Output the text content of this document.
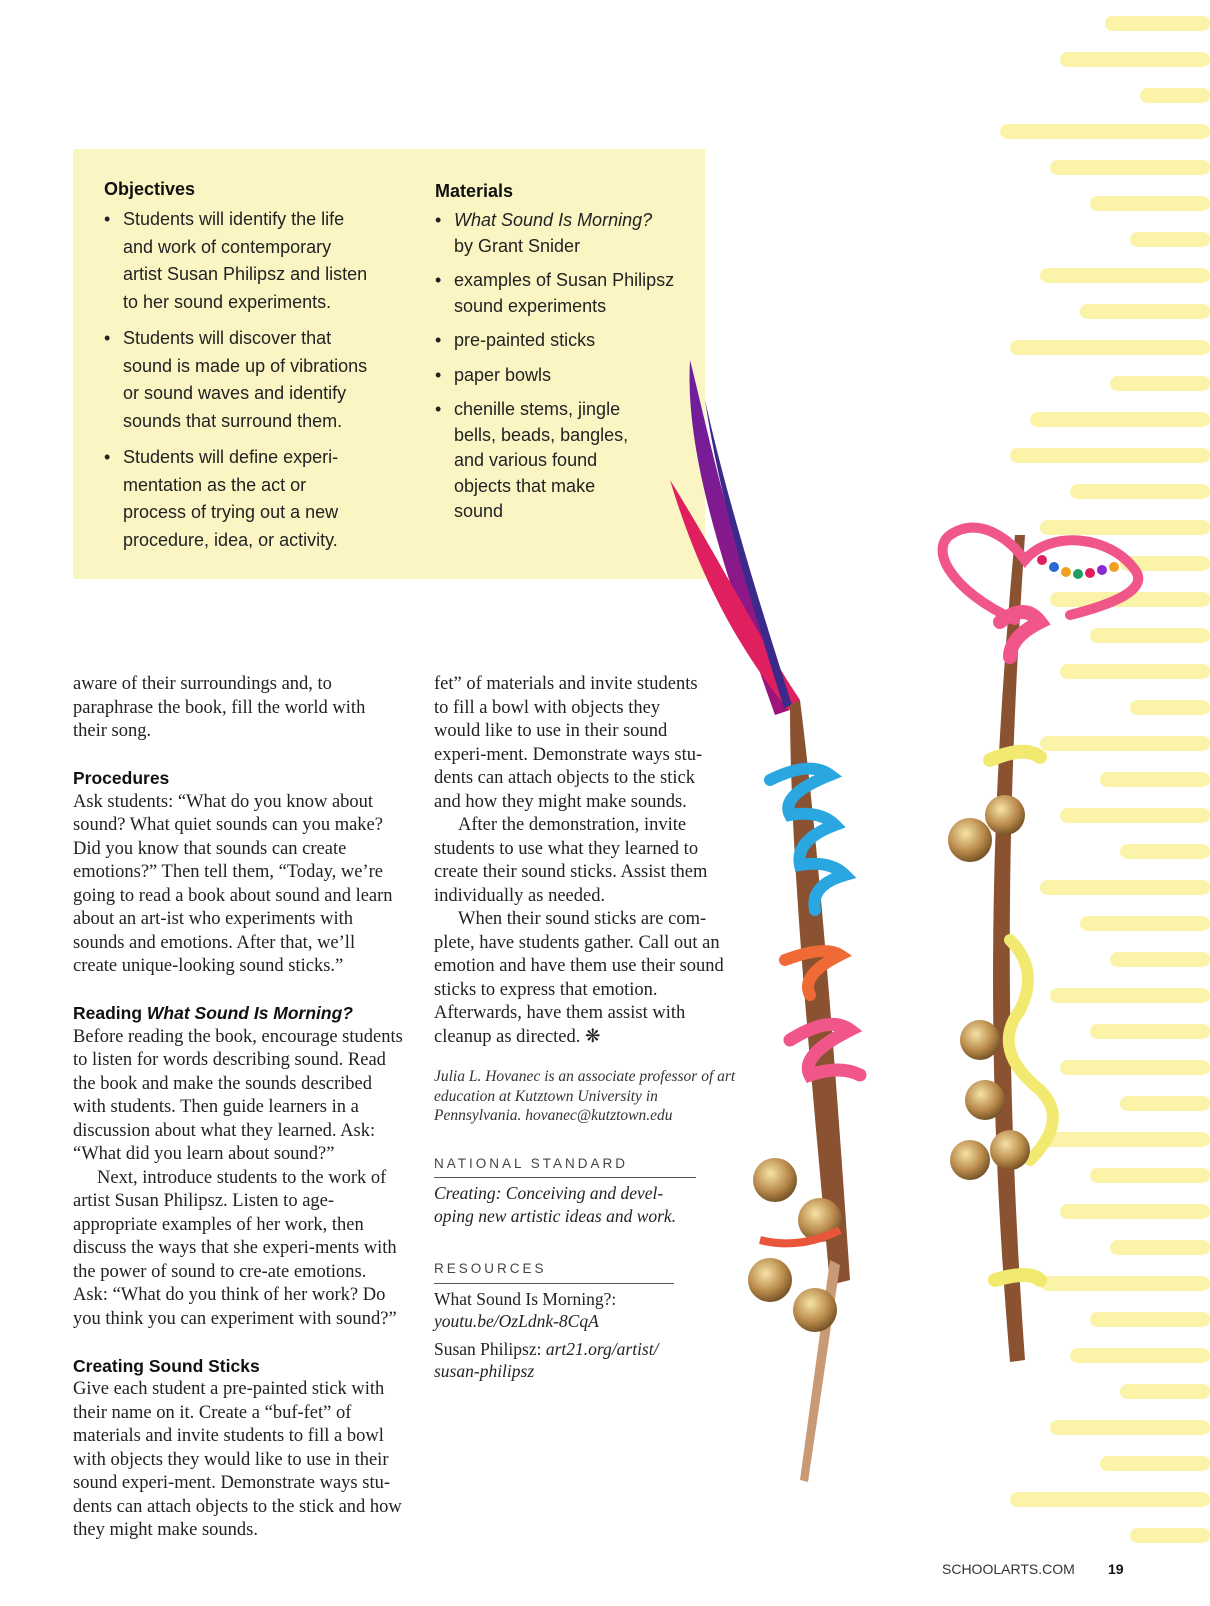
Objectives
• Students will identify the life and work of contemporary artist Susan Philipsz and listen to her sound experiments.
• Students will discover that sound is made up of vibrations or sound waves and identify sounds that surround them.
• Students will define experi-mentation as the act or process of trying out a new procedure, idea, or activity.
Materials
• What Sound Is Morning?
by Grant Snider
• examples of Susan Philipsz sound experiments
• pre-painted sticks
• paper bowls
• chenille stems, jingle bells, beads, bangles, and various found objects that make sound

aware of their surroundings and, to paraphrase the book, fill the world with their song.

Procedures

Ask students: “What do you know about sound? What quiet sounds can you make? Did you know that sounds can create emotions?” Then tell them, “Today, we’re going to read a book about sound and learn about an art-ist who experiments with sounds and emotions. After that, we’ll create unique-looking sound sticks.”

Reading What Sound Is Morning?

Before reading the book, encourage students to listen for words describing sound. Read the book and make the sounds described with students. Then guide learners in a discussion about what they learned. Ask: “What did you learn about sound?”

Next, introduce students to the work of artist Susan Philipsz. Listen to age-appropriate examples of her work, then discuss the ways that she experi-ments with the power of sound to cre-ate emotions. Ask: “What do you think of her work? Do you think you can experiment with sound?”

Creating Sound Sticks

Give each student a pre-painted stick with their name on it. Create a “buf-fet” of materials and invite students to fill a bowl with objects they would like to use in their sound experi-ment. Demonstrate ways stu-dents can attach objects to the stick and how they might make sounds.

fet” of materials and invite students to fill a bowl with objects they would like to use in their sound experi-ment. Demonstrate ways stu-dents can attach objects to the stick and how they might make sounds.

After the demonstration, invite students to use what they learned to create their sound sticks. Assist them individually as needed.

When their sound sticks are com-plete, have students gather. Call out an emotion and have them use their sound sticks to express that emotion. Afterwards, have them assist with cleanup as directed. ❋

Julia L. Hovanec is an associate professor of art education at Kutztown University in Pennsylvania. hovanec@kutztown.edu

NATIONAL STANDARD

Creating: Conceiving and devel-oping new artistic ideas and work.

RESOURCES

What Sound Is Morning?:
youtu.be/OzLdnk-8CqA

Susan Philipsz: art21.org/artist/susan-philipsz

SCHOOLARTS.COM 19
